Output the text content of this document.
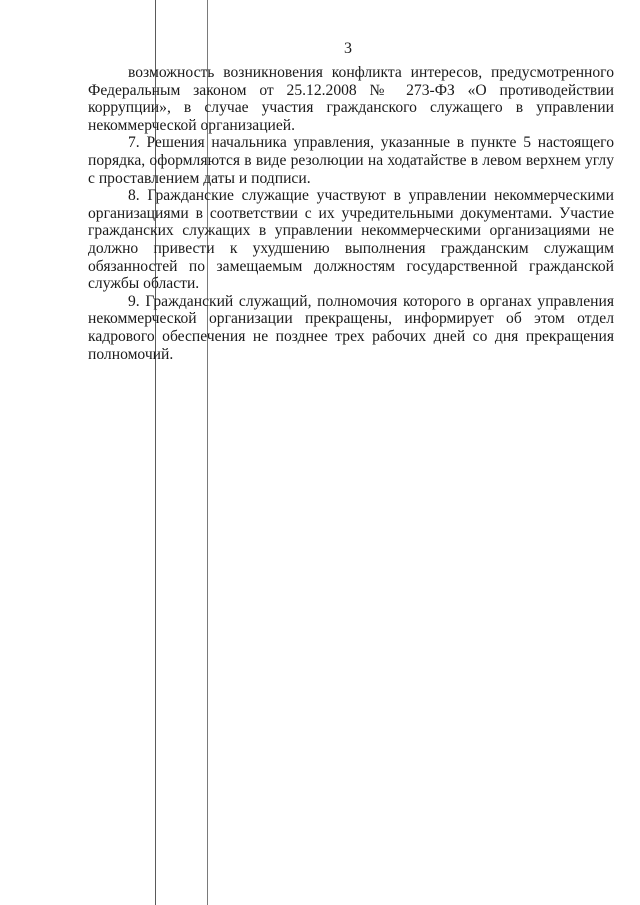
3

возможность возникновения конфликта интересов, предусмотренного Федеральным законом от 25.12.2008 № 273-ФЗ «О противодействии коррупции», в случае участия гражданского служащего в управлении некоммерческой организацией.

7. Решения начальника управления, указанные в пункте 5 настоящего порядка, оформляются в виде резолюции на ходатайстве в левом верхнем углу с проставлением даты и подписи.

8. Гражданские служащие участвуют в управлении некоммерческими организациями в соответствии с их учредительными документами. Участие гражданских служащих в управлении некоммерческими организациями не должно привести к ухудшению выполнения гражданским служащим обязанностей по замещаемым должностям государственной гражданской службы области.

9. Гражданский служащий, полномочия которого в органах управления некоммерческой организации прекращены, информирует об этом отдел кадрового обеспечения не позднее трех рабочих дней со дня прекращения полномочий.
